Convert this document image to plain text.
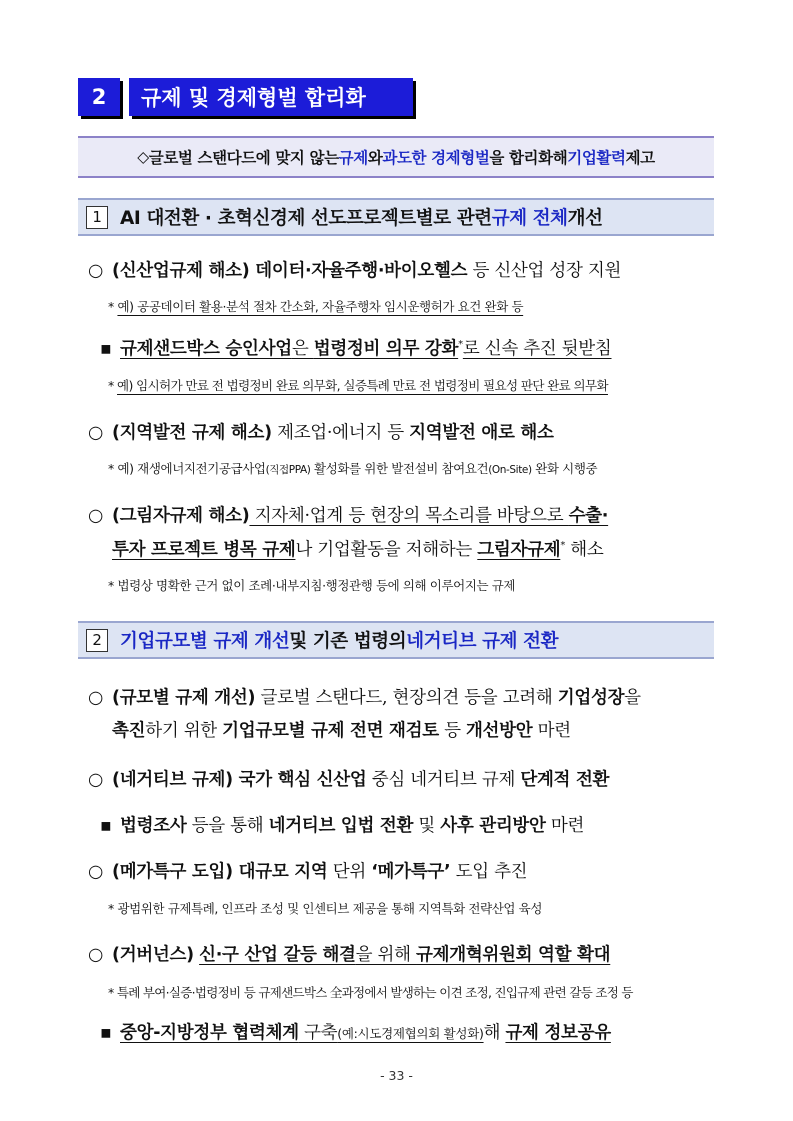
2	규제 및 경제형벌 합리화
◇ 글로벌 스탠다드에 맞지 않는 규제 와 과도한 경제형벌 을 합리화해 기업활력 제고
1 AI 대전환 · 초혁신경제 선도프로젝트별로 관련 규제 전체 개선
○ (신산업규제 해소) 데이터·자율주행·바이오헬스 등 신산업 성장 지원
* 예) 공공데이터 활용·분석 절차 간소화, 자율주행차 임시운행허가 요건 완화 등
▪ 규제샌드박스 승인사업은 법령정비 의무 강화*로 신속 추진 뒷받침
* 예) 임시허가 만료 전 법령정비 완료 의무화, 실증특례 만료 전 법령정비 필요성 판단 완료 의무화
○ (지역발전 규제 해소) 제조업·에너지 등 지역발전 애로 해소
* 예) 재생에너지전기공급사업(직접PPA) 활성화를 위한 발전설비 참여요건(On-Site) 완화 시행중
○ (그림자규제 해소) 지자체·업계 등 현장의 목소리를 바탕으로 수출·
투자 프로젝트 병목 규제나 기업활동을 저해하는 그림자규제* 해소
* 법령상 명확한 근거 없이 조례·내부지침·행정관행 등에 의해 이루어지는 규제
2 기업규모별 규제 개선 및 기존 법령의 네거티브 규제 전환
○ (규모별 규제 개선) 글로벌 스탠다드, 현장의견 등을 고려해 기업성장을
촉진하기 위한 기업규모별 규제 전면 재검토 등 개선방안 마련
○ (네거티브 규제) 국가 핵심 신산업 중심 네거티브 규제 단계적 전환
▪ 법령조사 등을 통해 네거티브 입법 전환 및 사후 관리방안 마련
○ (메가특구 도입) 대규모 지역 단위 ‘메가특구’ 도입 추진
* 광범위한 규제특례, 인프라 조성 및 인센티브 제공을 통해 지역특화 전략산업 육성
○ (거버넌스) 신·구 산업 갈등 해결을 위해 규제개혁위원회 역할 확대
* 특례 부여·실증·법령정비 등 규제샌드박스 全과정에서 발생하는 이견 조정, 진입규제 관련 갈등 조정 등
▪ 중앙-지방정부 협력체계 구축(예:시도경제협의회 활성화)해 규제 정보공유
- 33 -
